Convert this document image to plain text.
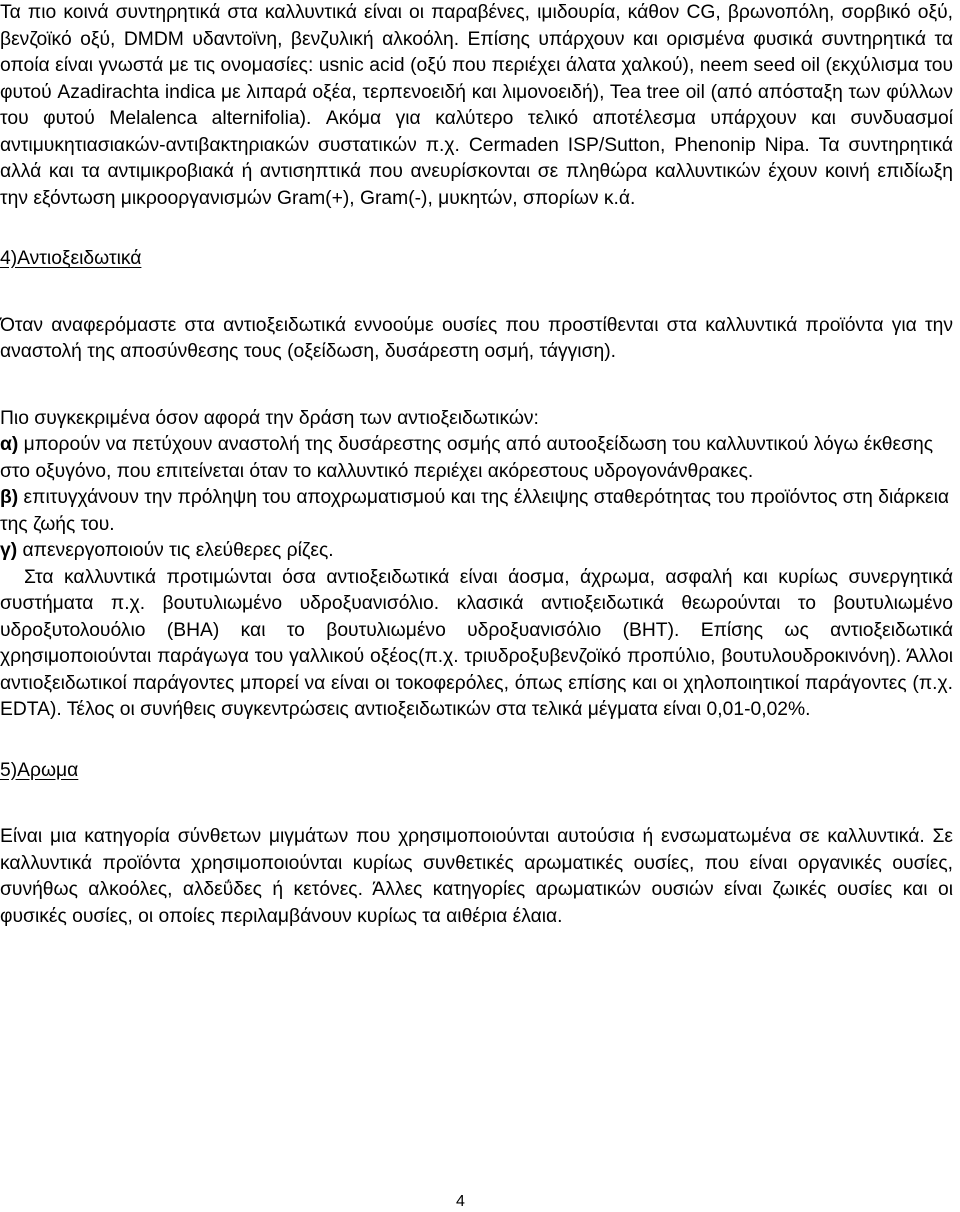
Τα πιο κοινά συντηρητικά στα καλλυντικά είναι οι παραβένες, ιμιδουρία, κάθον CG, βρωνοπόλη, σορβικό οξύ, βενζοϊκό οξύ, DMDM υδαντοϊνη, βενζυλική αλκοόλη. Επίσης υπάρχουν και ορισμένα φυσικά συντηρητικά τα οποία είναι γνωστά με τις ονομασίες: usnic acid (οξύ που περιέχει άλατα χαλκού), neem seed oil (εκχύλισμα του φυτού Azadirachta indica με λιπαρά οξέα, τερπενοειδή και λιμονοειδή), Tea tree oil (από απόσταξη των φύλλων του φυτού Melalenca alternifolia). Ακόμα για καλύτερο τελικό αποτέλεσμα υπάρχουν και συνδυασμοί αντιμυκητιασιακών-αντιβακτηριακών συστατικών π.χ. Cermaden ISP/Sutton, Phenonip Nipa. Τα συντηρητικά αλλά και τα αντιμικροβιακά ή αντισηπτικά που ανευρίσκονται σε πληθώρα καλλυντικών έχουν κοινή επιδίωξη την εξόντωση μικροοργανισμών Gram(+), Gram(-), μυκητών, σπορίων κ.ά.

4)Αντιοξειδωτικά

Όταν αναφερόμαστε στα αντιοξειδωτικά εννοούμε ουσίες που προστίθενται στα καλλυντικά προϊόντα για την αναστολή της αποσύνθεσης τους (οξείδωση, δυσάρεστη οσμή, τάγγιση).

Πιο συγκεκριμένα όσον αφορά την δράση των αντιοξειδωτικών:

α) μπορούν να πετύχουν αναστολή της δυσάρεστης οσμής από αυτοοξείδωση του καλλυντικού λόγω έκθεσης στο οξυγόνο, που επιτείνεται όταν το καλλυντικό περιέχει ακόρεστους υδρογονάνθρακες.

β) επιτυγχάνουν την πρόληψη του αποχρωματισμού και της έλλειψης σταθερότητας του προϊόντος στη διάρκεια της ζωής του.

γ) απενεργοποιούν τις ελεύθερες ρίζες.

Στα καλλυντικά προτιμώνται όσα αντιοξειδωτικά είναι άοσμα, άχρωμα, ασφαλή και κυρίως συνεργητικά συστήματα π.χ. βουτυλιωμένο υδροξυανισόλιο. κλασικά αντιοξειδωτικά θεωρούνται το βουτυλιωμένο υδροξυτολουόλιο (BHA) και το βουτυλιωμένο υδροξυανισόλιο (BHT). Επίσης ως αντιοξειδωτικά χρησιμοποιούνται παράγωγα του γαλλικού οξέος(π.χ. τριυδροξυβενζοϊκό προπύλιο, βουτυλουδροκινόνη). Άλλοι αντιοξειδωτικοί παράγοντες μπορεί να είναι οι τοκοφερόλες, όπως επίσης και οι χηλοποιητικοί παράγοντες (π.χ. EDTA). Τέλος οι συνήθεις συγκεντρώσεις αντιοξειδωτικών στα τελικά μέγματα είναι 0,01-0,02%.

5)Αρωμα

Είναι μια κατηγορία σύνθετων μιγμάτων που χρησιμοποιούνται αυτούσια ή ενσωματωμένα σε καλλυντικά. Σε καλλυντικά προϊόντα χρησιμοποιούνται κυρίως συνθετικές αρωματικές ουσίες, που είναι οργανικές ουσίες, συνήθως αλκοόλες, αλδεΰδες ή κετόνες. Άλλες κατηγορίες αρωματικών ουσιών είναι ζωικές ουσίες και οι φυσικές ουσίες, οι οποίες περιλαμβάνουν κυρίως τα αιθέρια έλαια.

4
